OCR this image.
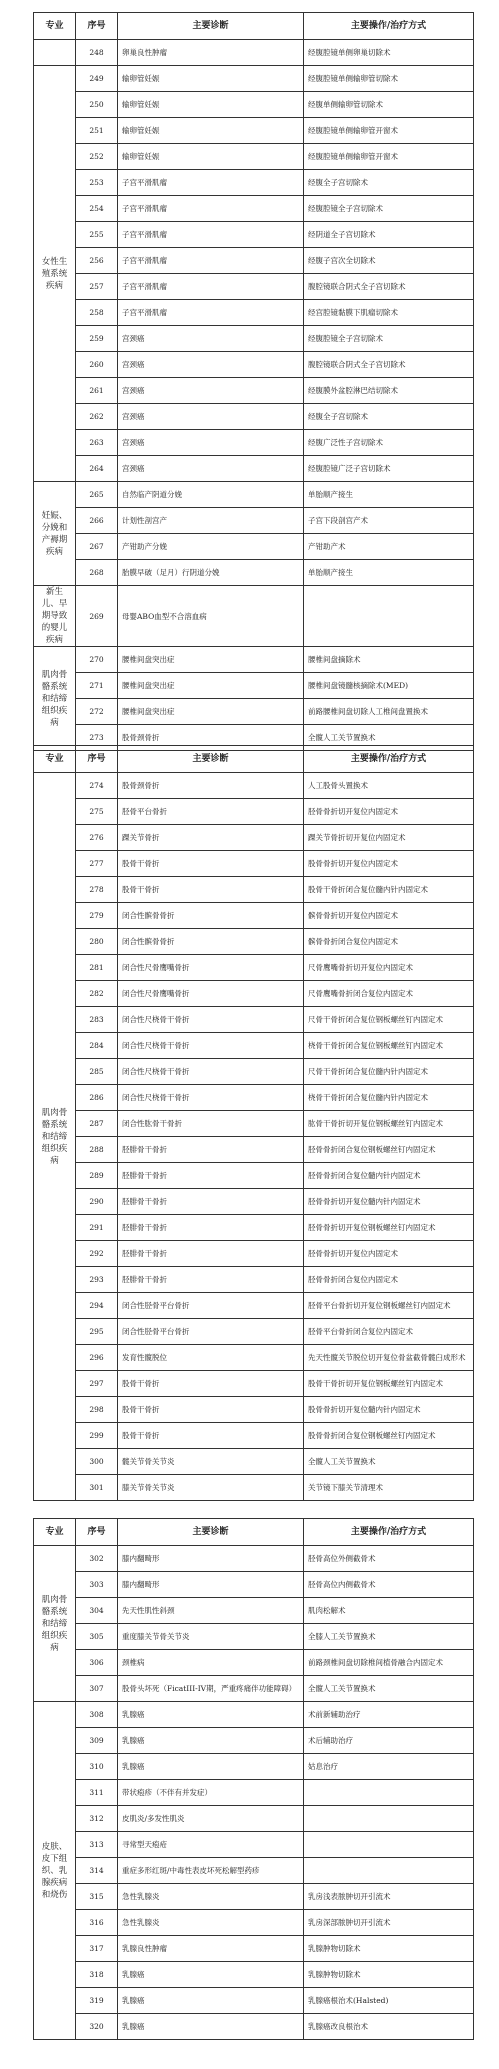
专业	序号	主要诊断	主要操作/治疗方式
	248	卵巢良性肿瘤	经腹腔镜单侧卵巢切除术
女性生殖系统疾病	249	输卵管妊娠	经腹腔镜单侧输卵管切除术
	250	输卵管妊娠	经腹单侧输卵管切除术
	251	输卵管妊娠	经腹腔镜单侧输卵管开窗术
	252	输卵管妊娠	经腹腔镜单侧输卵管开窗术
	253	子宫平滑肌瘤	经腹全子宫切除术
	254	子宫平滑肌瘤	经腹腔镜全子宫切除术
	255	子宫平滑肌瘤	经阴道全子宫切除术
	256	子宫平滑肌瘤	经腹子宫次全切除术
	257	子宫平滑肌瘤	腹腔镜联合阴式全子宫切除术
	258	子宫平滑肌瘤	经宫腔镜黏膜下肌瘤切除术
	259	宫颈癌	经腹腔镜全子宫切除术
	260	宫颈癌	腹腔镜联合阴式全子宫切除术
	261	宫颈癌	经腹膜外盆腔淋巴结切除术
	262	宫颈癌	经腹全子宫切除术
	263	宫颈癌	经腹广泛性子宫切除术
	264	宫颈癌	经腹腔镜广泛子宫切除术
妊娠、分娩和产褥期疾病	265	自然临产阴道分娩	单胎顺产接生
	266	计划性剖宫产	子宫下段剖宫产术
	267	产钳助产分娩	产钳助产术
	268	胎膜早破（足月）行阴道分娩	单胎顺产接生
新生儿、早期导致的婴儿疾病	269	母婴ABO血型不合溶血病	
肌肉骨骼系统和结缔组织疾病	270	腰椎间盘突出症	腰椎间盘摘除术
	271	腰椎间盘突出症	腰椎间盘镜髓核摘除术(MED)
	272	腰椎间盘突出症	前路腰椎间盘切除人工椎间盘置换术
	273	股骨颈骨折	全髋人工关节置换术
专业	序号	主要诊断	主要操作/治疗方式
肌肉骨骼系统和结缔组织疾病	274	股骨颈骨折	人工股骨头置换术
	275	胫骨平台骨折	胫骨骨折切开复位内固定术
	276	踝关节骨折	踝关节骨折切开复位内固定术
	277	股骨干骨折	股骨骨折切开复位内固定术
	278	股骨干骨折	股骨干骨折闭合复位髓内针内固定术
	279	闭合性髌骨骨折	髌骨骨折切开复位内固定术
	280	闭合性髌骨骨折	髌骨骨折闭合复位内固定术
	281	闭合性尺骨鹰嘴骨折	尺骨鹰嘴骨折切开复位内固定术
	282	闭合性尺骨鹰嘴骨折	尺骨鹰嘴骨折闭合复位内固定术
	283	闭合性尺桡骨干骨折	尺骨干骨折闭合复位钢板螺丝钉内固定术
	284	闭合性尺桡骨干骨折	桡骨干骨折闭合复位钢板螺丝钉内固定术
	285	闭合性尺桡骨干骨折	尺骨干骨折闭合复位髓内针内固定术
	286	闭合性尺桡骨干骨折	桡骨干骨折闭合复位髓内针内固定术
	287	闭合性肱骨干骨折	肱骨干骨折切开复位钢板螺丝钉内固定术
	288	胫腓骨干骨折	胫骨骨折闭合复位钢板螺丝钉内固定术
	289	胫腓骨干骨折	胫骨骨折闭合复位髓内针内固定术
	290	胫腓骨干骨折	胫骨骨折切开复位髓内针内固定术
	291	胫腓骨干骨折	胫骨骨折切开复位钢板螺丝钉内固定术
	292	胫腓骨干骨折	胫骨骨折切开复位内固定术
	293	胫腓骨干骨折	胫骨骨折闭合复位内固定术
	294	闭合性胫骨平台骨折	胫骨平台骨折切开复位钢板螺丝钉内固定术
	295	闭合性胫骨平台骨折	胫骨平台骨折闭合复位内固定术
	296	发育性髋脱位	先天性髋关节脱位切开复位骨盆截骨髋臼成形术
	297	股骨干骨折	股骨干骨折切开复位钢板螺丝钉内固定术
	298	股骨干骨折	股骨骨折切开复位髓内针内固定术
	299	股骨干骨折	股骨骨折闭合复位钢板螺丝钉内固定术
	300	髋关节骨关节炎	全髋人工关节置换术
	301	膝关节骨关节炎	关节镜下膝关节清理术
专业	序号	主要诊断	主要操作/治疗方式
肌肉骨骼系统和结缔组织疾病	302	膝内翻畸形	胫骨高位外侧截骨术
	303	膝内翻畸形	胫骨高位内侧截骨术
	304	先天性肌性斜颈	肌肉松解术
	305	重度膝关节骨关节炎	全膝人工关节置换术
	306	颈椎病	前路颈椎间盘切除椎间植骨融合内固定术
	307	股骨头坏死（FicatIII-IV期，严重疼痛伴功能障碍）	全髋人工关节置换术
皮肤、皮下组织、乳腺疾病和烧伤	308	乳腺癌	术前新辅助治疗
	309	乳腺癌	术后辅助治疗
	310	乳腺癌	姑息治疗
	311	带状疱疹（不伴有并发症）	
	312	皮肌炎/多发性肌炎	
	313	寻常型天疱疮	
	314	重症多形红斑/中毒性表皮坏死松解型药疹	
	315	急性乳腺炎	乳房浅表脓肿切开引流术
	316	急性乳腺炎	乳房深部脓肿切开引流术
	317	乳腺良性肿瘤	乳腺肿物切除术
	318	乳腺癌	乳腺肿物切除术
	319	乳腺癌	乳腺癌根治术(Halsted)
	320	乳腺癌	乳腺癌改良根治术
